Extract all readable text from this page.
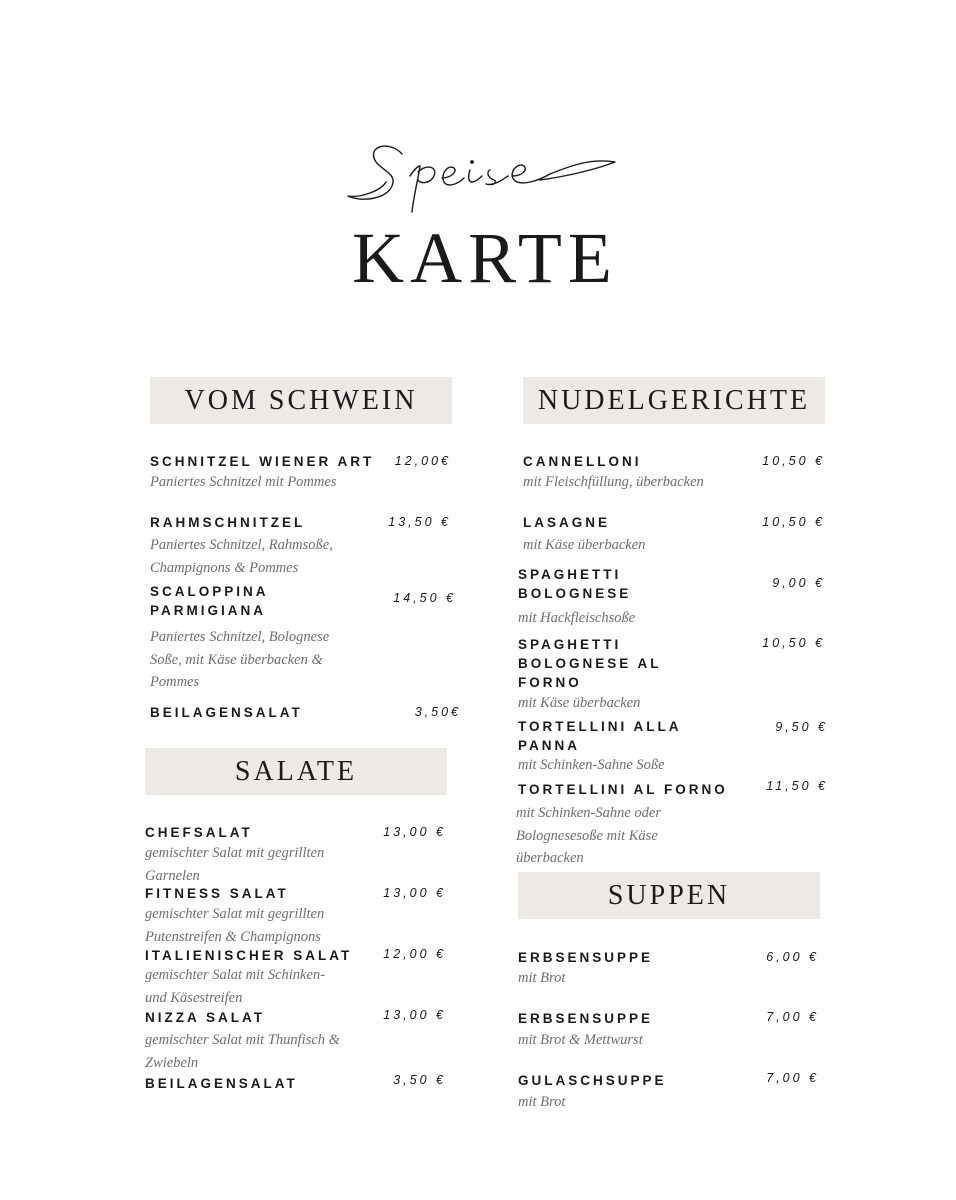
KARTE
VOM SCHWEIN
SCHNITZEL WIENER ART 12,00€
Paniertes Schnitzel mit Pommes
RAHMSCHNITZEL	13,50 €
Paniertes Schnitzel, Rahmsoße,
Champignons & Pommes
SCALOPPINA
PARMIGIANA
14,50 €
Paniertes Schnitzel, Bolognese
Soße, mit Käse überbacken &
Pommes
BEILAGENSALAT	3,50€
SALATE
CHEFSALAT	13,00 €
gemischter Salat mit gegrillten
Garnelen
FITNESS SALAT	13,00 €
gemischter Salat mit gegrillten
Putenstreifen & Champignons
ITALIENISCHER SALAT 12,00 €
gemischter Salat mit Schinken-
und Käsestreifen
NIZZA SALAT	13,00 €
gemischter Salat mit Thunfisch &
Zwiebeln
BEILAGENSALAT	3,50 €
NUDELGERICHTE
CANNELLONI	10,50 €
mit Fleischfüllung, überbacken
LASAGNE	10,50 €
mit Käse überbacken
SPAGHETTI
BOLOGNESE
9,00 €
mit Hackfleischsoße
SPAGHETTI
BOLOGNESE AL
FORNO
10,50 €
mit Käse überbacken
TORTELLINI ALLA
PANNA
9,50 €
mit Schinken-Sahne Soße
TORTELLINI AL FORNO	11,50 €
mit Schinken-Sahne oder
Bolognesesoße mit Käse
überbacken
SUPPEN
ERBSENSUPPE	6,00 €
mit Brot
ERBSENSUPPE	7,00 €
mit Brot & Mettwurst
GULASCHSUPPE	7,00 €
mit Brot
